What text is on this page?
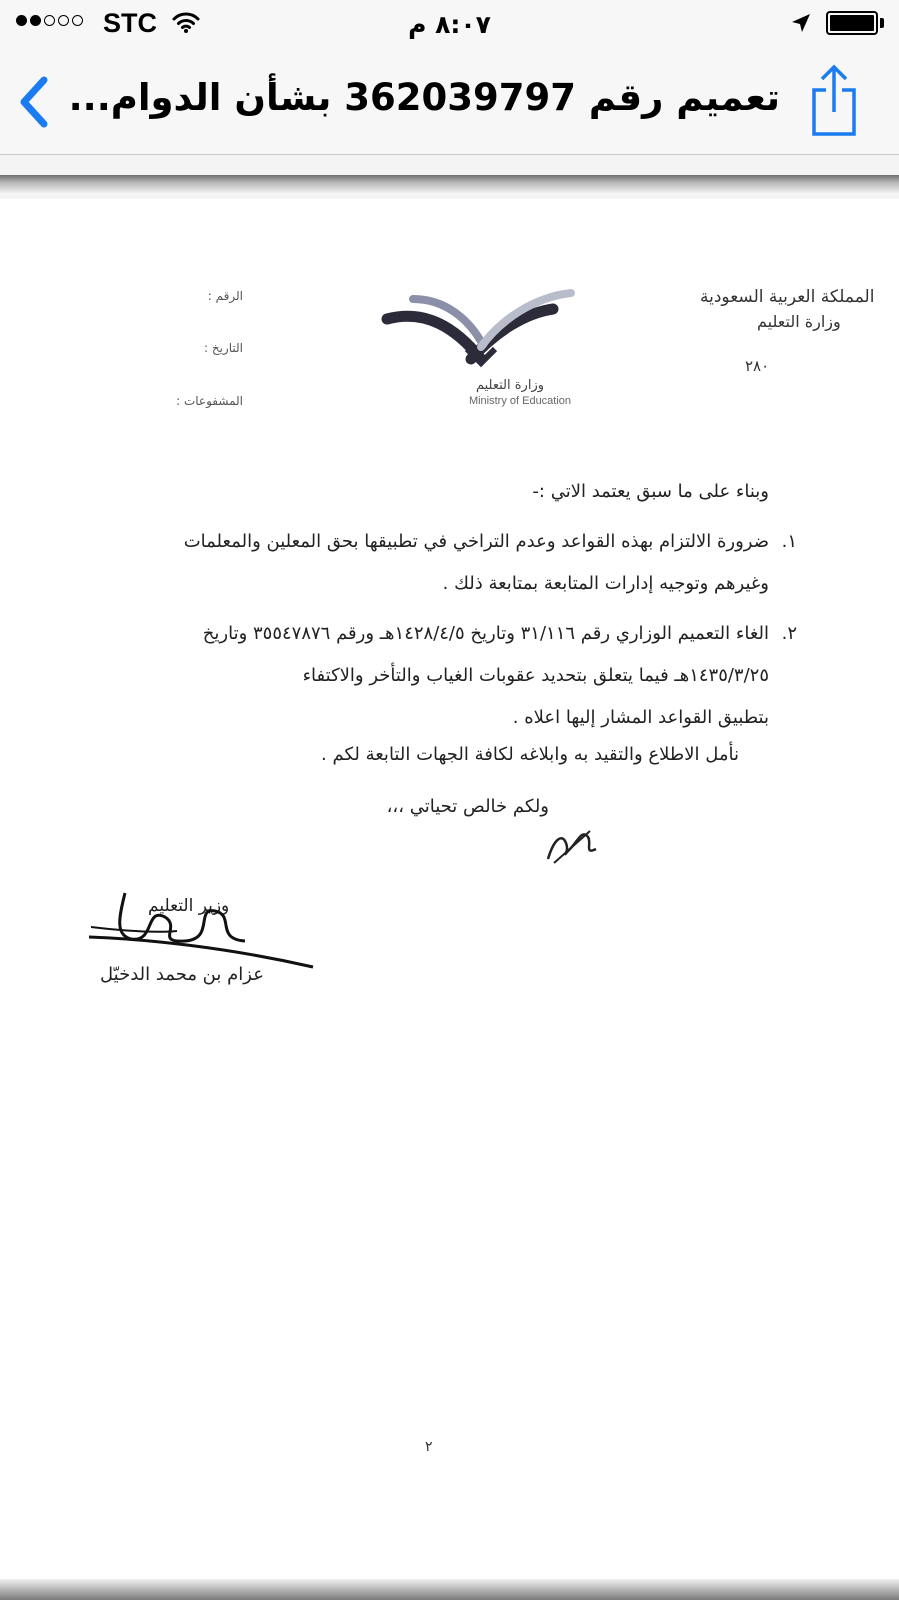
STC	٨:٠٧ م
تعميم رقم 362039797 بشأن الدوام...
المملكة العربية السعودية
وزارة التعليم
٢٨٠
الرقم :
التاريخ :
المشفوعات :
وزارة التعليم
Ministry of Education
وبناء على ما سبق يعتمد الاتي :-
١.
ضرورة الالتزام بهذه القواعد وعدم التراخي في تطبيقها بحق المعلين والمعلمات
وغيرهم وتوجيه إدارات المتابعة بمتابعة ذلك .
٢.
الغاء التعميم الوزاري رقم ٣١/١١٦ وتاريخ ١٤٢٨/٤/٥هـ ورقم ٣٥٥٤٧٨٧٦ وتاريخ
١٤٣٥/٣/٢٥هـ فيما يتعلق بتحديد عقوبات الغياب والتأخر والاكتفاء
بتطبيق القواعد المشار إليها اعلاه .
نأمل الاطلاع والتقيد به وابلاغه لكافة الجهات التابعة لكم .
ولكم خالص تحياتي ،،،
وزير التعليم
عزام بن محمد الدخيّل
٢
